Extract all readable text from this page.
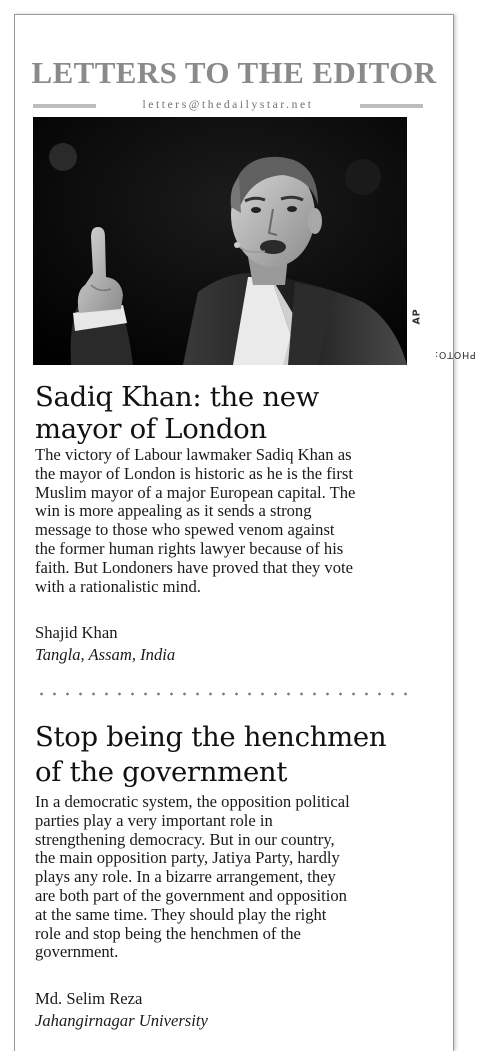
LETTERS TO THE EDITOR
letters@thedailystar.net
PHOTO:
AP
Sadiq Khan: the new
mayor of London
The victory of Labour lawmaker Sadiq Khan as
the mayor of London is historic as he is the first
Muslim mayor of a major European capital. The
win is more appealing as it sends a strong
message to those who spewed venom against
the former human rights lawyer because of his
faith. But Londoners have proved that they vote
with a rationalistic mind.
Shajid Khan
Tangla, Assam, India
Stop being the henchmen
of the government
In a democratic system, the opposition political
parties play a very important role in
strengthening democracy. But in our country,
the main opposition party, Jatiya Party, hardly
plays any role. In a bizarre arrangement, they
are both part of the government and opposition
at the same time. They should play the right
role and stop being the henchmen of the
government.
Md. Selim Reza
Jahangirnagar University
